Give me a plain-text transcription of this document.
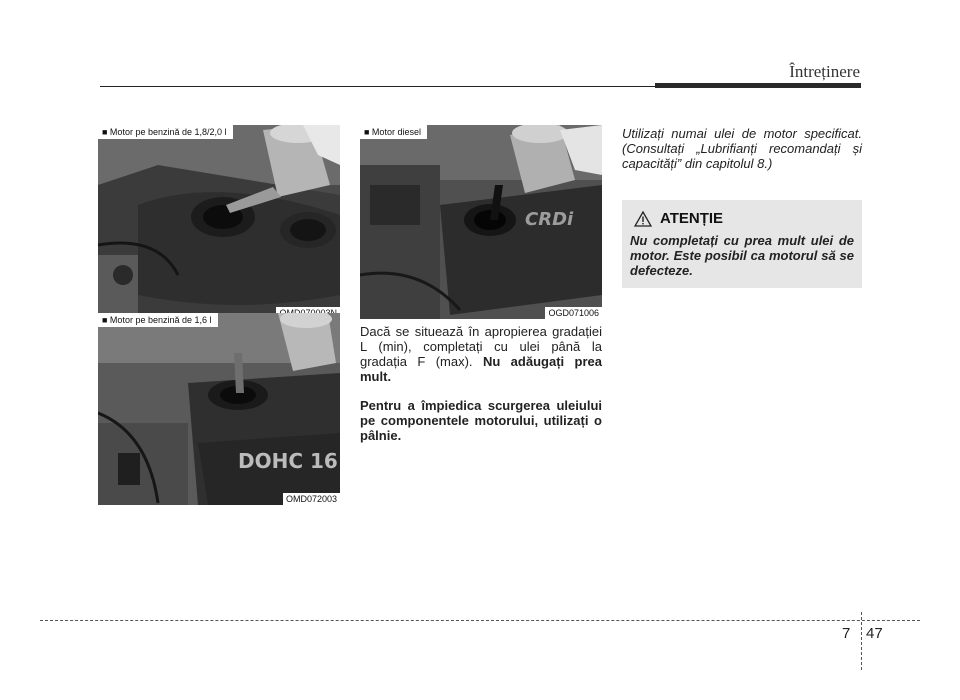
Întreținere
■ Motor pe benzină de 1,8/2,0 l
DOHC 16
■ Motor pe benzină de 1,6 l
OMD072003
CRDi
■ Motor diesel
OGD071006

Dacă se situează în apropierea gradației L (min), completați cu ulei până la gradația F (max). Nu adăugați prea mult.

Pentru a împiedica scurgerea uleiului pe componentele motorului, utilizați o pâlnie.

Utilizați numai ulei de motor specificat. (Consultați „Lubrifianți recomandați și capacități” din capitolul 8.)
ATENȚIE
Nu completați cu prea mult ulei de motor. Este posibil ca motorul să se defecteze.
7 47
